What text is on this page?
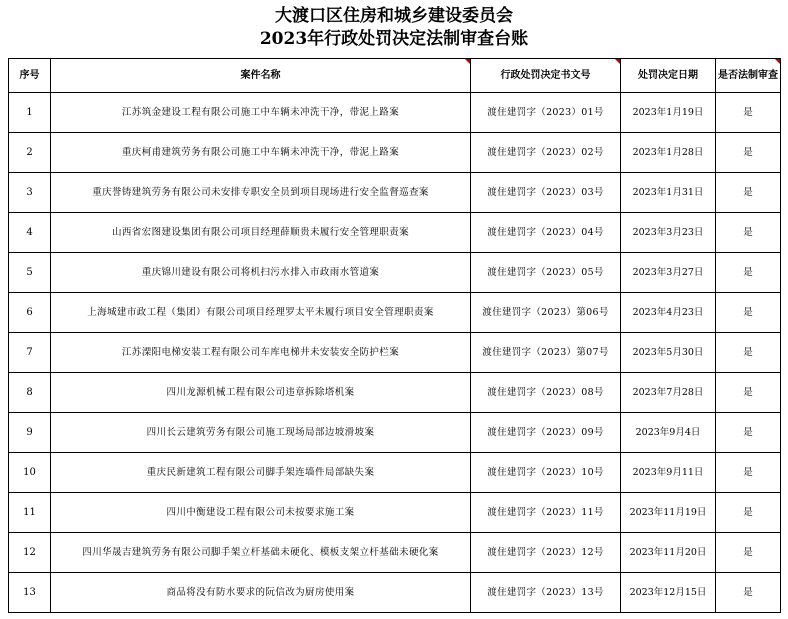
大渡口区住房和城乡建设委员会
2023年行政处罚决定法制审查台账
序号	案件名称	行政处罚决定书文号	处罚决定日期	是否法制审查

1	江苏筑金建设工程有限公司施工中车辆未冲洗干净，带泥上路案	渡住建罚字（2023）01号	2023年1月19日	是
2	重庆柯甫建筑劳务有限公司施工中车辆未冲洗干净，带泥上路案	渡住建罚字（2023）02号	2023年1月28日	是
3	重庆誉铸建筑劳务有限公司未安排专职安全员到项目现场进行安全监督巡查案	渡住建罚字（2023）03号	2023年1月31日	是
4	山西省宏图建设集团有限公司项目经理薛顺贵未履行安全管理职责案	渡住建罚字（2023）04号	2023年3月23日	是
5	重庆锦川建设有限公司将机扫污水排入市政雨水管道案	渡住建罚字（2023）05号	2023年3月27日	是
6	上海城建市政工程（集团）有限公司项目经理罗太平未履行项目安全管理职责案	渡住建罚字（2023）第06号	2023年4月23日	是
7	江苏溧阳电梯安装工程有限公司车库电梯井未安装安全防护栏案	渡住建罚字（2023）第07号	2023年5月30日	是
8	四川龙源机械工程有限公司违章拆除塔机案	渡住建罚字（2023）08号	2023年7月28日	是
9	四川长云建筑劳务有限公司施工现场局部边坡滑坡案	渡住建罚字（2023）09号	2023年9月4日	是
10	重庆民新建筑工程有限公司脚手架连墙件局部缺失案	渡住建罚字（2023）10号	2023年9月11日	是
11	四川中衡建设工程有限公司未按要求施工案	渡住建罚字（2023）11号	2023年11月19日	是
12	四川华晟吉建筑劳务有限公司脚手架立杆基础未硬化、模板支架立杆基础未硬化案	渡住建罚字（2023）12号	2023年11月20日	是
13	商品将没有防水要求的阮信改为厨房使用案	渡住建罚字（2023）13号	2023年12月15日	是
